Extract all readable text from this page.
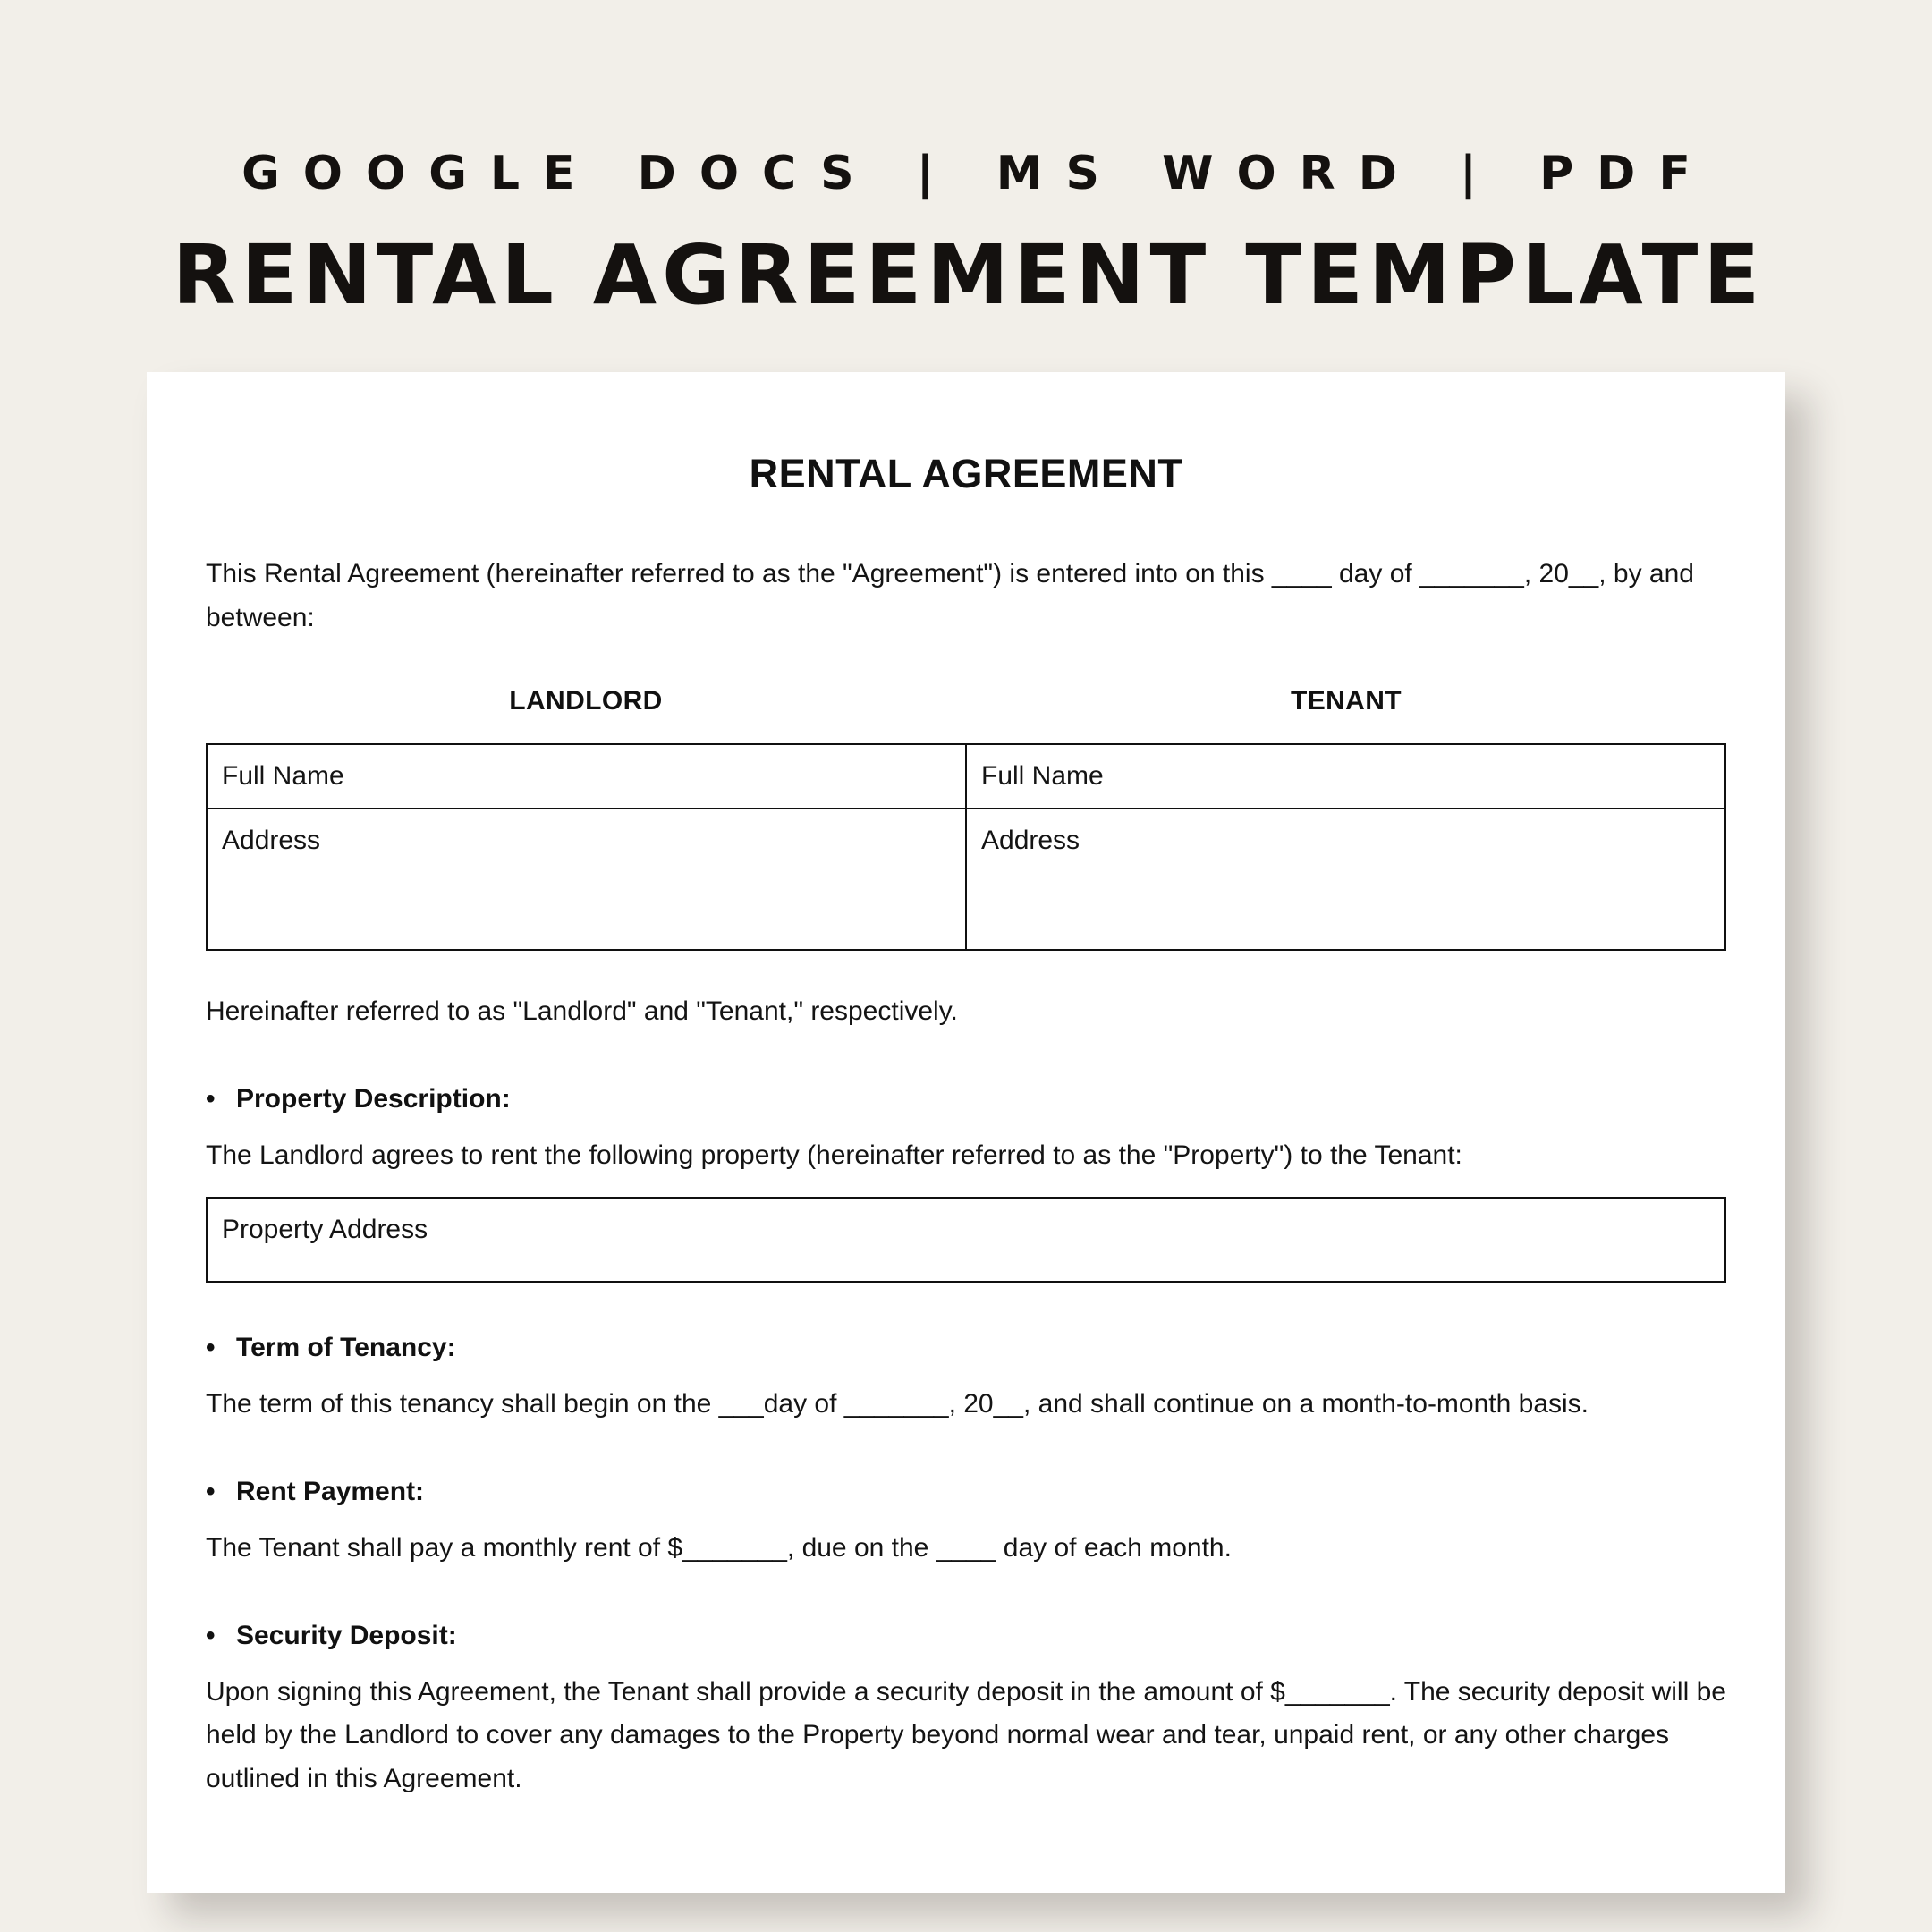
GOOGLE DOCS | MS WORD | PDF
RENTAL AGREEMENT TEMPLATE
RENTAL AGREEMENT

This Rental Agreement (hereinafter referred to as the "Agreement") is entered into on this ____ day of _______, 20__, by and between:

LANDLORD	TENANT
Full Name	Full Name
Address	Address

Hereinafter referred to as "Landlord" and "Tenant," respectively.

• Property Description:

The Landlord agrees to rent the following property (hereinafter referred to as the "Property") to the Tenant:

Property Address
• Term of Tenancy:

The term of this tenancy shall begin on the ___day of _______, 20__, and shall continue on a month-to-month basis.

• Rent Payment:

The Tenant shall pay a monthly rent of $_______, due on the ____ day of each month.

• Security Deposit:

Upon signing this Agreement, the Tenant shall provide a security deposit in the amount of $_______. The security deposit will be held by the Landlord to cover any damages to the Property beyond normal wear and tear, unpaid rent, or any other charges outlined in this Agreement.
